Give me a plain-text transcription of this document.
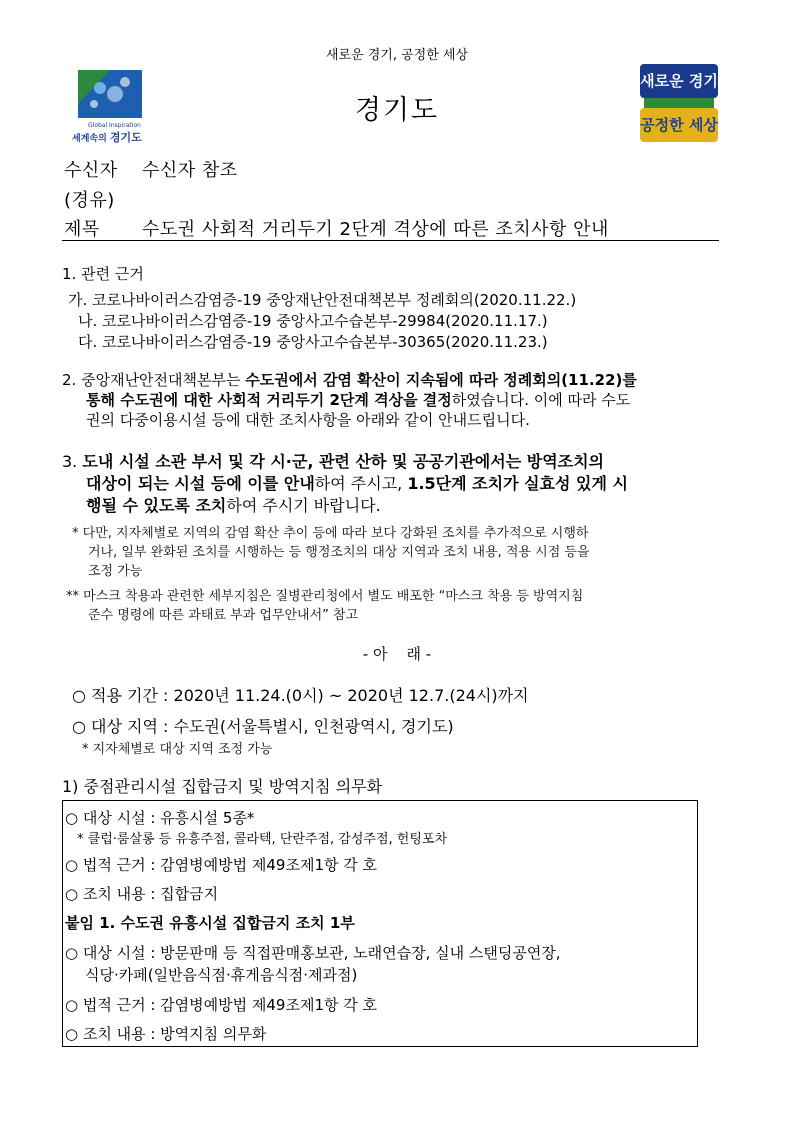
새로운 경기, 공정한 세상
Global Inspiration
세계속의 경기도
경기도
새로운 경기
공정한 세상
수신자 수신자 참조
(경유)
제목 수도권 사회적 거리두기 2단계 격상에 따른 조치사항 안내
1. 관련 근거
가. 코로나바이러스감염증-19 중앙재난안전대책본부 정례회의(2020.11.22.)
나. 코로나바이러스감염증-19 중앙사고수습본부-29984(2020.11.17.)
다. 코로나바이러스감염증-19 중앙사고수습본부-30365(2020.11.23.)
2. 중앙재난안전대책본부는 수도권에서 감염 확산이 지속됨에 따라 정례회의(11.22)를
통해 수도권에 대한 사회적 거리두기 2단계 격상을 결정하였습니다. 이에 따라 수도
권의 다중이용시설 등에 대한 조치사항을 아래와 같이 안내드립니다.
3. 도내 시설 소관 부서 및 각 시·군, 관련 산하 및 공공기관에서는 방역조치의
대상이 되는 시설 등에 이를 안내하여 주시고, 1.5단계 조치가 실효성 있게 시
행될 수 있도록 조치하여 주시기 바랍니다.
* 다만, 지자체별로 지역의 감염 확산 추이 등에 따라 보다 강화된 조치를 추가적으로 시행하
거나, 일부 완화된 조치를 시행하는 등 행정조치의 대상 지역과 조치 내용, 적용 시점 등을
조정 가능
** 마스크 착용과 관련한 세부지침은 질병관리청에서 별도 배포한 “마스크 착용 등 방역지침
준수 명령에 따른 과태료 부과 업무안내서” 참고
- 아    래 -
○ 적용 기간 : 2020년 11.24.(0시) ~ 2020년 12.7.(24시)까지
○ 대상 지역 : 수도권(서울특별시, 인천광역시, 경기도)
* 지자체별로 대상 지역 조정 가능
1) 중점관리시설 집합금지 및 방역지침 의무화
○ 대상 시설 : 유흥시설 5종*
* 클럽·룸살롱 등 유흥주점, 콜라텍, 단란주점, 감성주점, 헌팅포차
○ 법적 근거 : 감염병예방법 제49조제1항 각 호
○ 조치 내용 : 집합금지
붙임 1. 수도권 유흥시설 집합금지 조치 1부
○ 대상 시설 : 방문판매 등 직접판매홍보관, 노래연습장, 실내 스탠딩공연장,
식당·카페(일반음식점·휴게음식점·제과점)
○ 법적 근거 : 감염병예방법 제49조제1항 각 호
○ 조치 내용 : 방역지침 의무화
